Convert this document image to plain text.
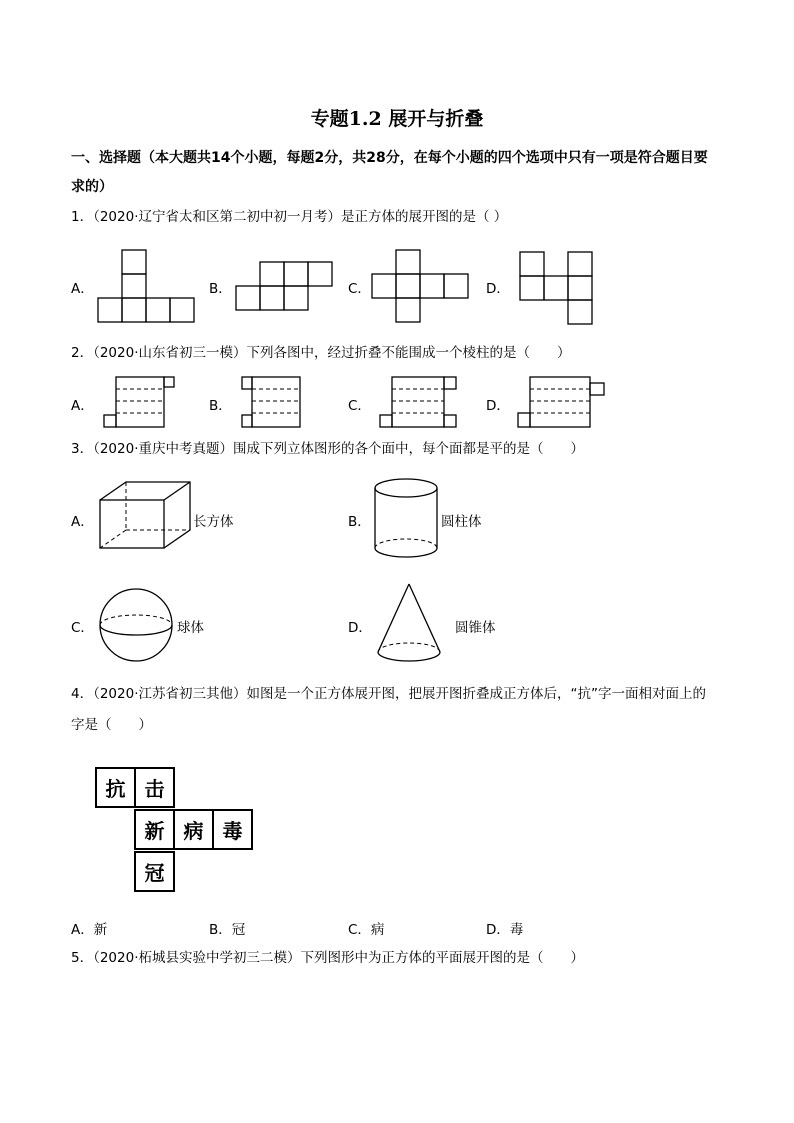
专题1.2 展开与折叠
一、选择题（本大题共14个小题，每题2分，共28分，在每个小题的四个选项中只有一项是符合题目要
求的）
1．（2020·辽宁省太和区第二初中初一月考）是正方体的展开图的是（ ）
A．	B．	C．	D．
2．（2020·山东省初三一模）下列各图中，经过折叠不能围成一个棱柱的是（　　）
A．	B．	C．	D．
3．（2020·重庆中考真题）围成下列立体图形的各个面中，每个面都是平的是（　　）
A．	B．
C．	D．
长方体	圆柱体
球体	圆锥体
4．（2020·江苏省初三其他）如图是一个正方体展开图，把展开图折叠成正方体后，“抗”字一面相对面上的
字是（　　）
抗 击
新 病 毒
冠
A．新	B．冠	C．病	D．毒
5．（2020·柘城县实验中学初三二模）下列图形中为正方体的平面展开图的是（　　）
